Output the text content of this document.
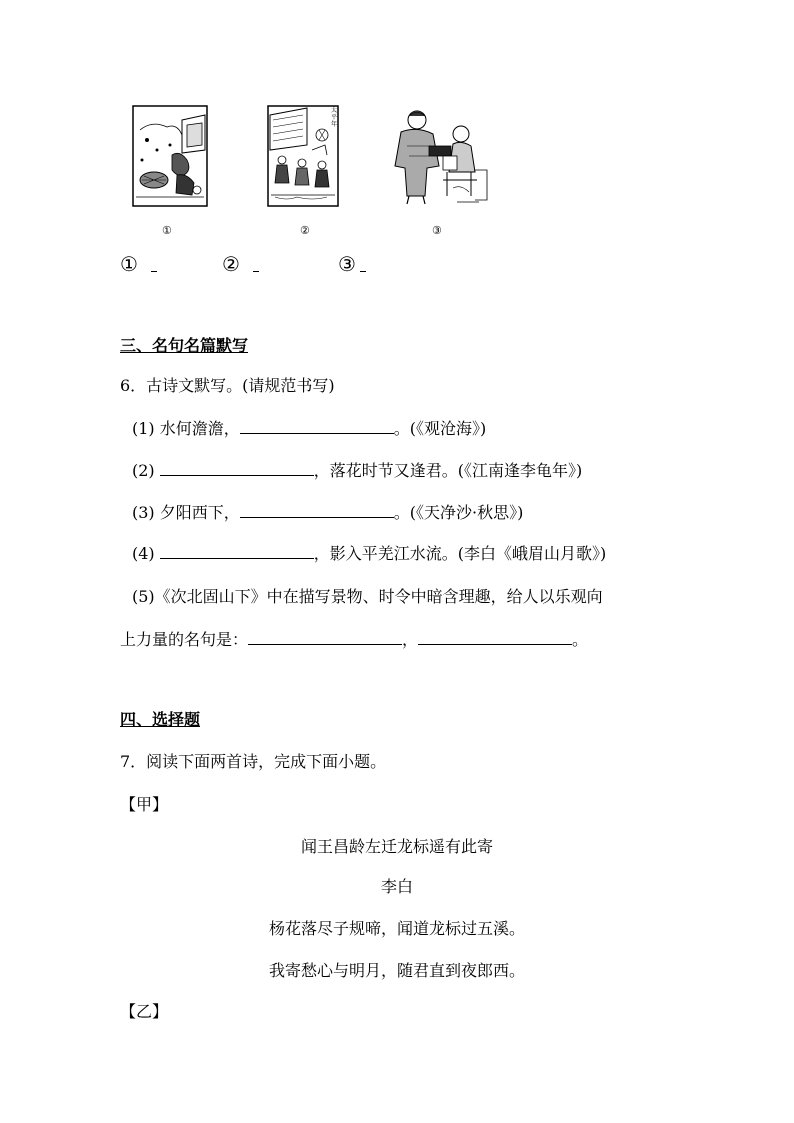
太平年
①	②	③
①	②	③
三、名句名篇默写
6．古诗文默写。(请规范书写)
(1) 水何澹澹，	。(《观沧海》)
(2)	，落花时节又逢君。(《江南逢李龟年》)
(3) 夕阳西下，	。(《天净沙·秋思》)
(4)	，影入平羌江水流。(李白《峨眉山月歌》)
(5)《次北固山下》中在描写景物、时令中暗含理趣，给人以乐观向
上力量的名句是：	，	。
四、选择题
7．阅读下面两首诗，完成下面小题。
【甲】
闻王昌龄左迁龙标遥有此寄
李白
杨花落尽子规啼，闻道龙标过五溪。
我寄愁心与明月，随君直到夜郎西。
【乙】
